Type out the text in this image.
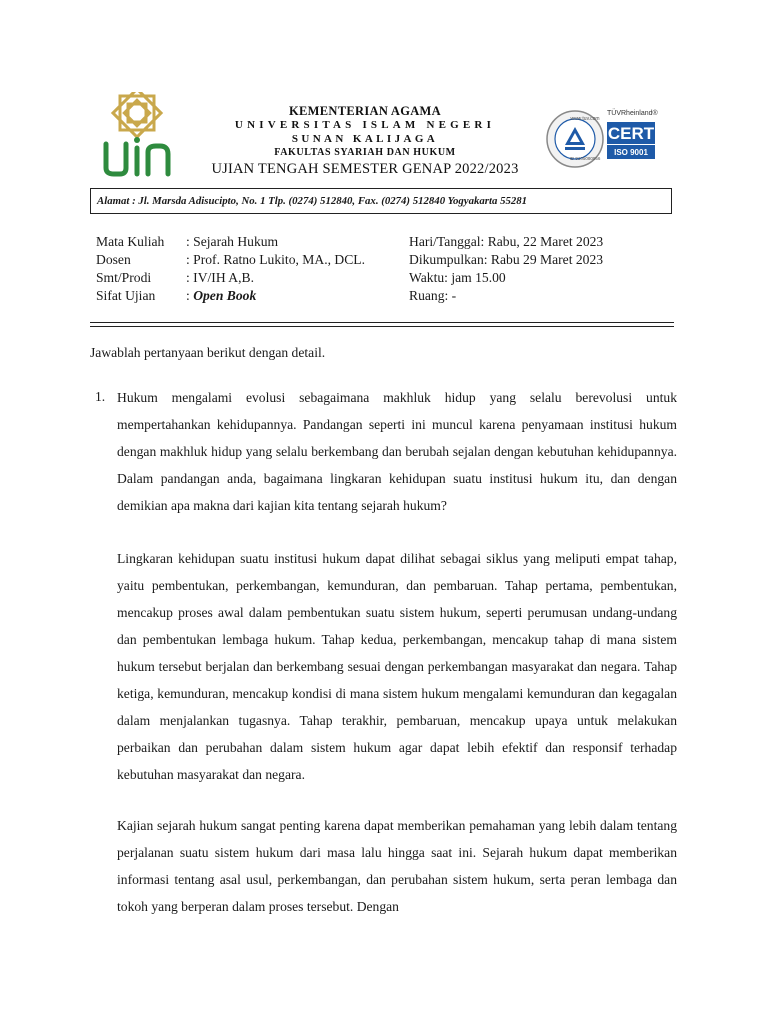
KEMENTERIAN AGAMA
UNIVERSITAS ISLAM NEGERI
SUNAN KALIJAGA
FAKULTAS SYARIAH DAN HUKUM
UJIAN TENGAH SEMESTER GENAP 2022/2023
TÜVRheinland®
CERT
ISO 9001
www.tuv.com
ID 9105080956
Alamat : Jl. Marsda Adisucipto, No. 1 Tlp. (0274) 512840, Fax. (0274) 512840 Yogyakarta 55281
Mata Kuliah : Sejarah Hukum
Dosen	: Prof. Ratno Lukito, MA., DCL.
Smt/Prodi	: IV/IH A,B.
Sifat Ujian : Open Book
Hari/Tanggal: Rabu, 22 Maret 2023
Dikumpulkan: Rabu 29 Maret 2023
Waktu: jam 15.00
Ruang: -
Jawablah pertanyaan berikut dengan detail.
1. Hukum mengalami evolusi sebagaimana makhluk hidup yang selalu berevolusi untuk mempertahankan kehidupannya. Pandangan seperti ini muncul karena penyamaan institusi hukum dengan makhluk hidup yang selalu berkembang dan berubah sejalan dengan kebutuhan kehidupannya. Dalam pandangan anda, bagaimana lingkaran kehidupan suatu institusi hukum itu, dan dengan demikian apa makna dari kajian kita tentang sejarah hukum?

Lingkaran kehidupan suatu institusi hukum dapat dilihat sebagai siklus yang meliputi empat tahap, yaitu pembentukan, perkembangan, kemunduran, dan pembaruan. Tahap pertama, pembentukan, mencakup proses awal dalam pembentukan suatu sistem hukum, seperti perumusan undang-undang dan pembentukan lembaga hukum. Tahap kedua, perkembangan, mencakup tahap di mana sistem hukum tersebut berjalan dan berkembang sesuai dengan perkembangan masyarakat dan negara. Tahap ketiga, kemunduran, mencakup kondisi di mana sistem hukum mengalami kemunduran dan kegagalan dalam menjalankan tugasnya. Tahap terakhir, pembaruan, mencakup upaya untuk melakukan perbaikan dan perubahan dalam sistem hukum agar dapat lebih efektif dan responsif terhadap kebutuhan masyarakat dan negara.

Kajian sejarah hukum sangat penting karena dapat memberikan pemahaman yang lebih dalam tentang perjalanan suatu sistem hukum dari masa lalu hingga saat ini. Sejarah hukum dapat memberikan informasi tentang asal usul, perkembangan, dan perubahan sistem hukum, serta peran lembaga dan tokoh yang berperan dalam proses tersebut. Dengan
